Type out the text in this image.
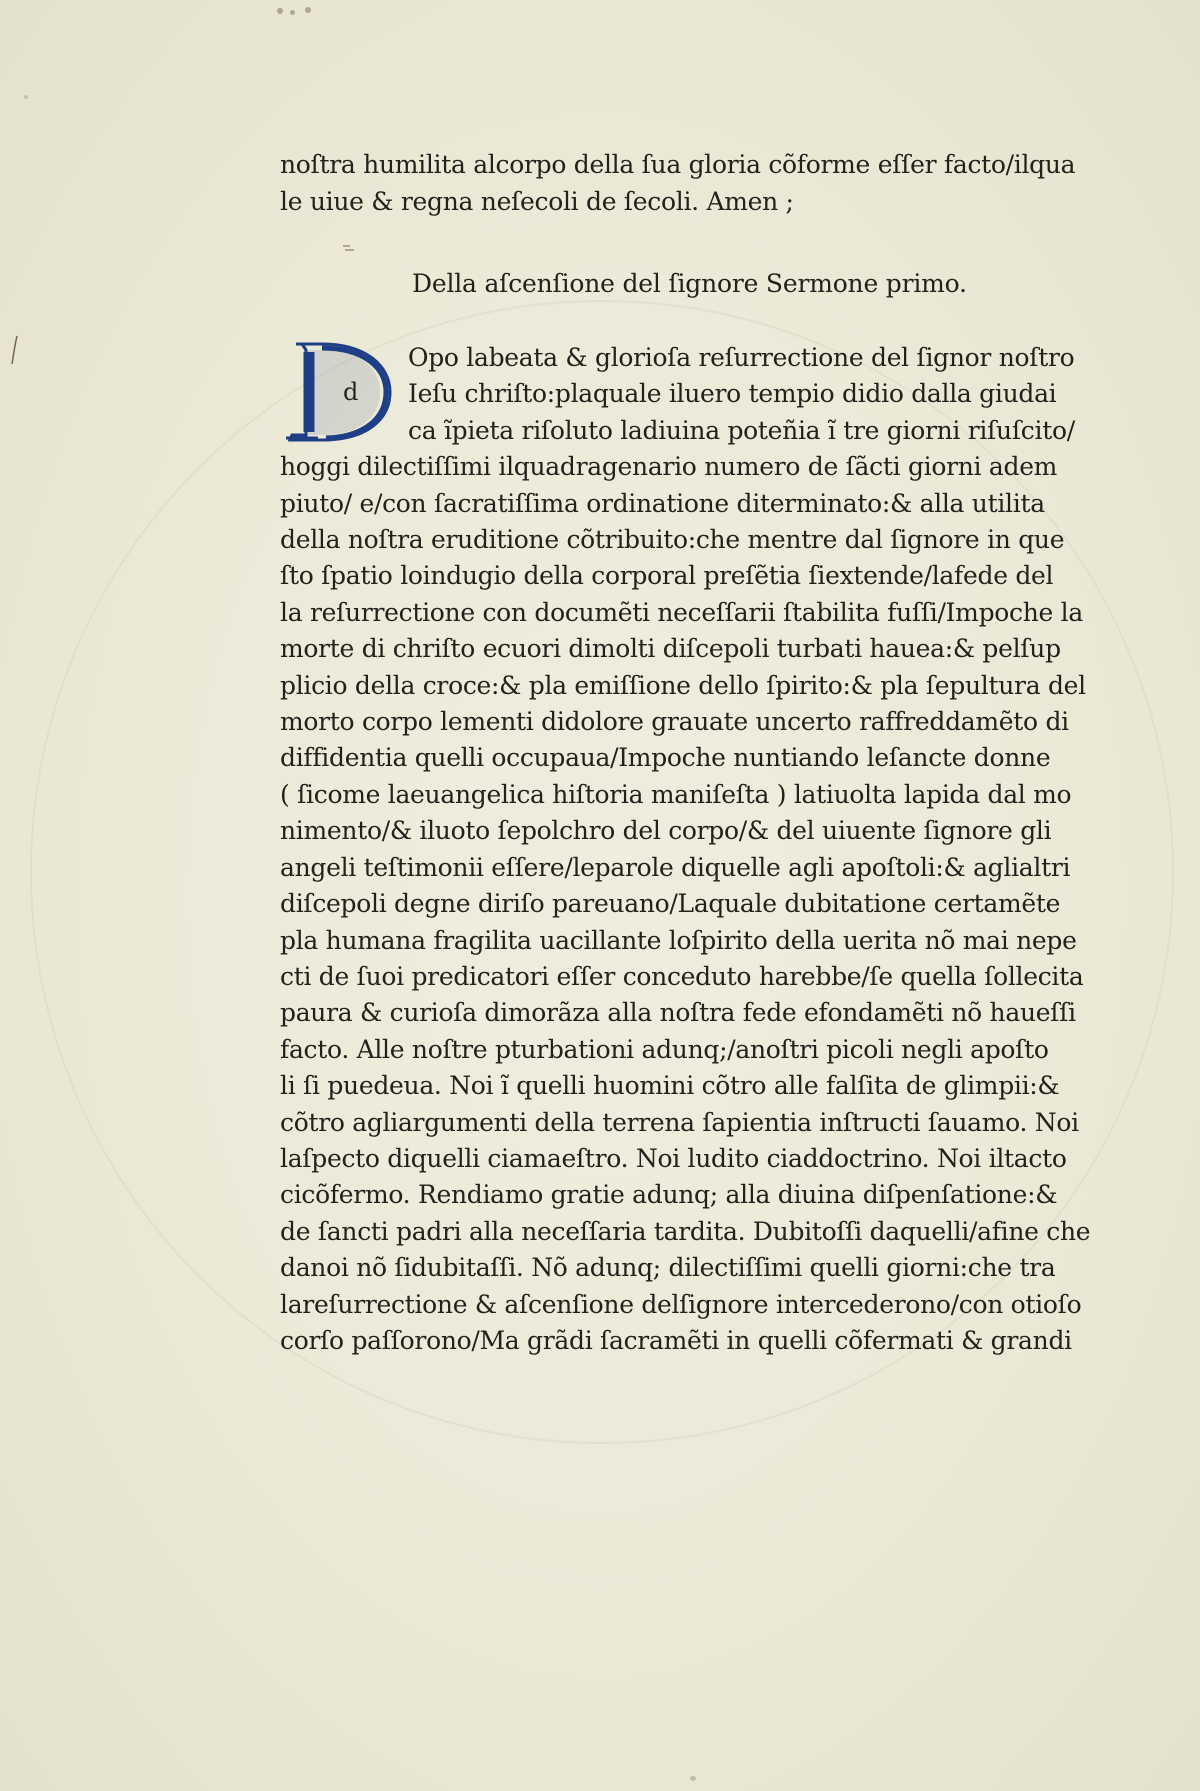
noſtra humilita alcorpo della ſua gloria cõforme eſſer facto/ilqua
le uiue & regna neſecoli de ſecoli. Amen ;
Della aſcenſione del ſignore Sermone primo.
d
Opo labeata & glorioſa reſurrectione del ſignor noſtro
Ieſu chriſto:plaquale iluero tempio didio dalla giudai
ca ĩpieta riſoluto ladiuina poteñia ĩ tre giorni riſuſcito/
hoggi dilectiſſimi ilquadragenario numero de ſãcti giorni adem
piuto/ e/con ſacratiſſima ordinatione diterminato:& alla utilita
della noſtra eruditione cõtribuito:che mentre dal ſignore in que
ſto ſpatio loindugio della corporal preſẽtia ſiextende/lafede del
la reſurrectione con documẽti neceſſarii ſtabilita fuſſi/Impoche la
morte di chriſto ecuori dimolti diſcepoli turbati hauea:& pelſup
plicio della croce:& pla emiſſione dello ſpirito:& pla ſepultura del
morto corpo lementi didolore grauate uncerto raffreddamẽto di
diffidentia quelli occupaua/Impoche nuntiando leſancte donne
( ſicome laeuangelica hiſtoria maniſeſta ) latiuolta lapida dal mo
nimento/& iluoto ſepolchro del corpo/& del uiuente ſignore gli
angeli teſtimonii eſſere/leparole diquelle agli apoſtoli:& aglialtri
diſcepoli degne diriſo pareuano/Laquale dubitatione certamẽte
pla humana fragilita uacillante loſpirito della uerita nõ mai nepe
cti de ſuoi predicatori eſſer conceduto harebbe/ſe quella ſollecita
paura & curioſa dimorãza alla noſtra fede efondamẽti nõ haueſſi
facto. Alle noſtre pturbationi adunq;/anoſtri picoli negli apoſto
li ſi puedeua. Noi ĩ quelli huomini cõtro alle falſita de glimpii:&
cõtro agliargumenti della terrena ſapientia inſtructi ſauamo. Noi
laſpecto diquelli ciamaeſtro. Noi ludito ciaddoctrino. Noi iltacto
cicõfermo. Rendiamo gratie adunq; alla diuina diſpenſatione:&
de ſancti padri alla neceſſaria tardita. Dubitoſſi daquelli/afine che
danoi nõ ſidubitaſſi. Nõ adunq; dilectiſſimi quelli giorni:che tra
lareſurrectione & aſcenſione delſignore intercederono/con otioſo
corſo paſſorono/Ma grãdi ſacramẽti in quelli cõfermati & grandi
